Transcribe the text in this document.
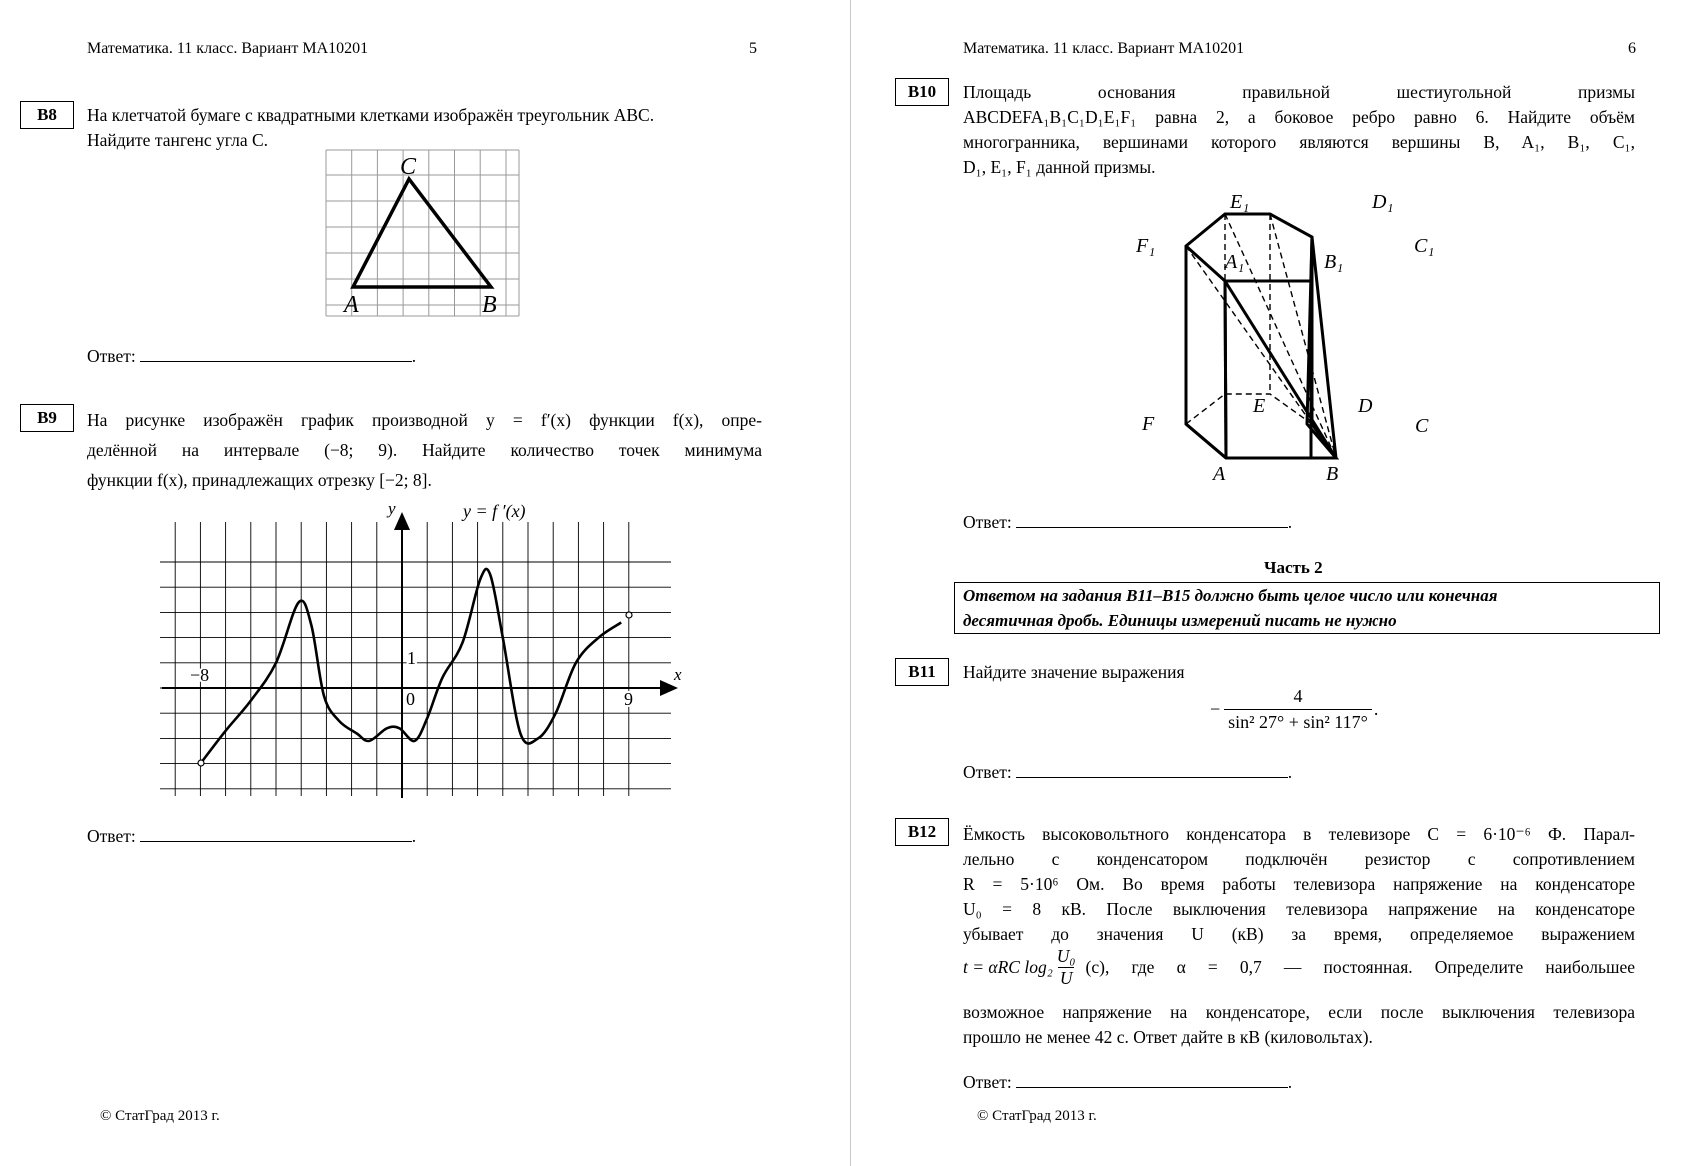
Математика. 11 класс. Вариант МА10201	5
B8	На клетчатой бумаге с квадратными клетками изображён треугольник ABC.
Найдите тангенс угла C.
C
A	B
Ответ:	.
B9	На рисунке изображён график производной y = f′(x) функции f(x), опре-
делённой на интервале (−8; 9). Найдите количество точек минимума
функции f(x), принадлежащих отрезку [−2; 8].
y	y = f ′(x)
x
−8
0
1
9
Ответ:	.
© СтатГрад 2013 г.
Математика. 11 класс. Вариант МА10201	6
B10	Площадь основания правильной шестиугольной призмы
ABCDEFA₁B₁C₁D₁E₁F₁ равна 2, а боковое ребро равно 6. Найдите объём
многогранника, вершинами которого являются вершины B, A₁, B₁, C₁,
D₁, E₁, F₁ данной призмы.
F
A	B
C
D
E
F₁
A₁	B₁
C₁
D₁
E₁
Ответ:	.
Часть 2
Ответом на задания B11–B15 должно быть целое число или конечная
десятичная дробь. Единицы измерений писать не нужно
B11	Найдите значение выражения
− $\frac{4}{\text{sin² 27° + sin² 117°}}$ .
Ответ:	.
B12	Ёмкость высоковольтного конденсатора в телевизоре C = 6·10⁻⁶ Ф. Парал-
лельно с конденсатором подключён резистор с сопротивлением
R = 5·10⁶ Ом. Во время работы телевизора напряжение на конденсаторе
U₀ = 8 кВ. После выключения телевизора напряжение на конденсаторе
убывает до значения U (кВ) за время, определяемое выражением
t = αRC $\log_2 \frac{\text{U₀}}{U} (с)$, где α = 0,7 — постоянная. Определите наибольшее
возможное напряжение на конденсаторе, если после выключения телевизора
прошло не менее 42 с. Ответ дайте в кВ (киловольтах).
Ответ:	.
© СтатГрад 2013 г.
